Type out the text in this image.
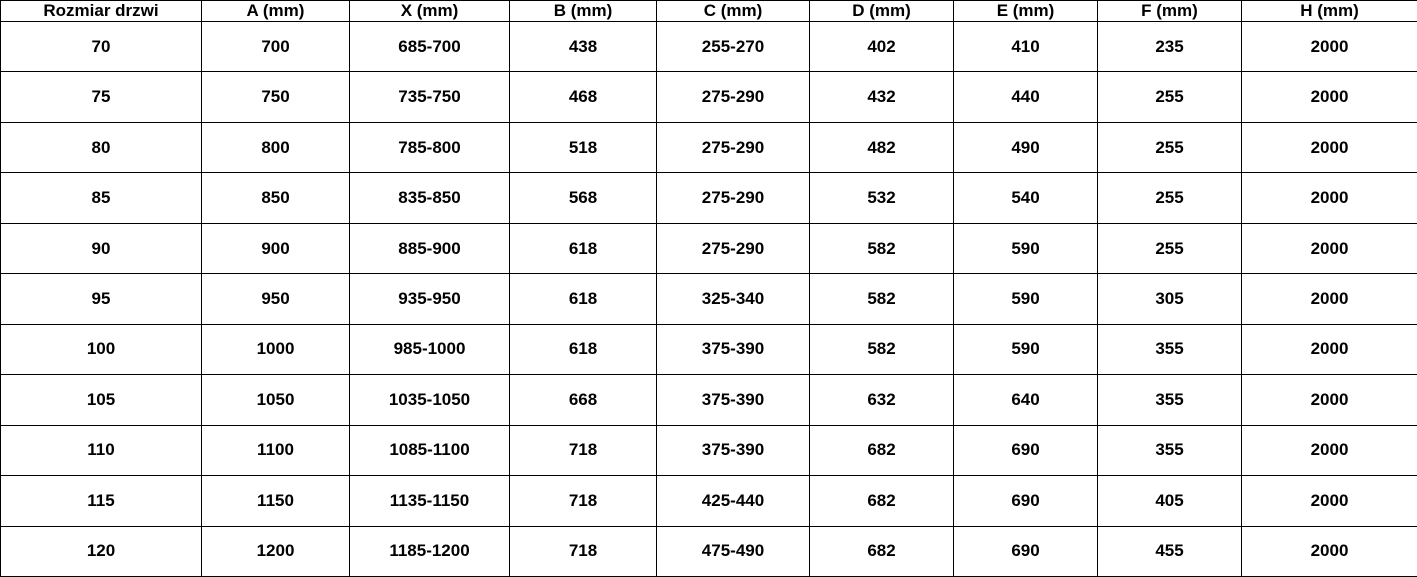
Rozmiar drzwi	A (mm)	X (mm)	B (mm)	C (mm)	D (mm)	E (mm)	F (mm)	H (mm)
70	700	685-700	438	255-270	402	410	235	2000
75	750	735-750	468	275-290	432	440	255	2000
80	800	785-800	518	275-290	482	490	255	2000
85	850	835-850	568	275-290	532	540	255	2000
90	900	885-900	618	275-290	582	590	255	2000
95	950	935-950	618	325-340	582	590	305	2000
100	1000	985-1000	618	375-390	582	590	355	2000
105	1050	1035-1050	668	375-390	632	640	355	2000
110	1100	1085-1100	718	375-390	682	690	355	2000
115	1150	1135-1150	718	425-440	682	690	405	2000
120	1200	1185-1200	718	475-490	682	690	455	2000
